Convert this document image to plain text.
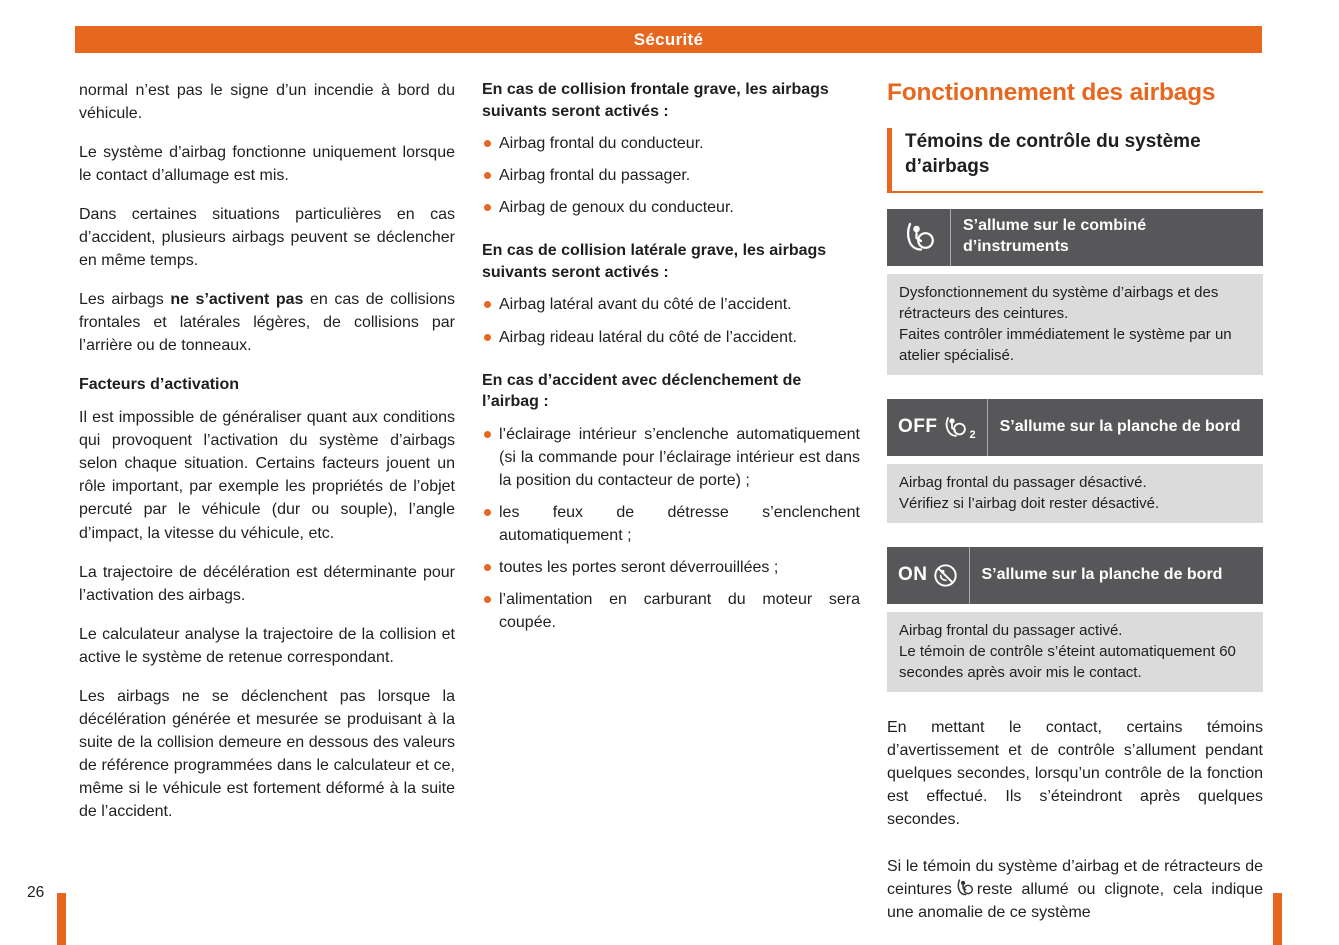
Sécurité

normal n’est pas le signe d’un incendie à bord du véhicule.

Le système d’airbag fonctionne uniquement lorsque le contact d’allumage est mis.

Dans certaines situations particulières en cas d’accident, plusieurs airbags peuvent se déclencher en même temps.

Les airbags ne s’activent pas en cas de collisions frontales et latérales légères, de collisions par l’arrière ou de tonneaux.

Facteurs d’activation

Il est impossible de généraliser quant aux conditions qui provoquent l’activation du système d’airbags selon chaque situation. Certains facteurs jouent un rôle important, par exemple les propriétés de l’objet percuté par le véhicule (dur ou souple), l’angle d’impact, la vitesse du véhicule, etc.

La trajectoire de décélération est déterminante pour l’activation des airbags.

Le calculateur analyse la trajectoire de la collision et active le système de retenue correspondant.

Les airbags ne se déclenchent pas lorsque la décélération générée et mesurée se produisant à la suite de la collision demeure en dessous des valeurs de référence programmées dans le calculateur et ce, même si le véhicule est fortement déformé à la suite de l’accident.

En cas de collision frontale grave, les airbags suivants seront activés :
Airbag frontal du conducteur.
Airbag frontal du passager.
Airbag de genoux du conducteur.
En cas de collision latérale grave, les airbags suivants seront activés :
Airbag latéral avant du côté de l’accident.
Airbag rideau latéral du côté de l’accident.
En cas d’accident avec déclenchement de l’airbag :
l’éclairage intérieur s’enclenche automatiquement (si la commande pour l’éclairage intérieur est dans la position du contacteur de porte) ;
les feux de détresse s’enclenchent automatiquement ;
toutes les portes seront déverrouillées ;
l’alimentation en carburant du moteur sera coupée.
Fonctionnement des airbags
Témoins de contrôle du système d’airbags
S’allume sur le combiné d’instruments
Dysfonctionnement du système d’airbags et des rétracteurs des ceintures.
Faites contrôler immédiatement le système par un atelier spécialisé.
OFF	2
S’allume sur la planche de bord
Airbag frontal du passager désactivé.
Vérifiez si l’airbag doit rester désactivé.
ON	S’allume sur la planche de bord
Airbag frontal du passager activé.
Le témoin de contrôle s’éteint automatiquement 60 secondes après avoir mis le contact.

En mettant le contact, certains témoins d’avertissement et de contrôle s’allument pendant quelques secondes, lorsqu’un contrôle de la fonction est effectué. Ils s’éteindront après quelques secondes.

Si le témoin du système d’airbag et de rétracteurs de ceintures reste allumé ou clignote, cela indique une anomalie de ce système

26
